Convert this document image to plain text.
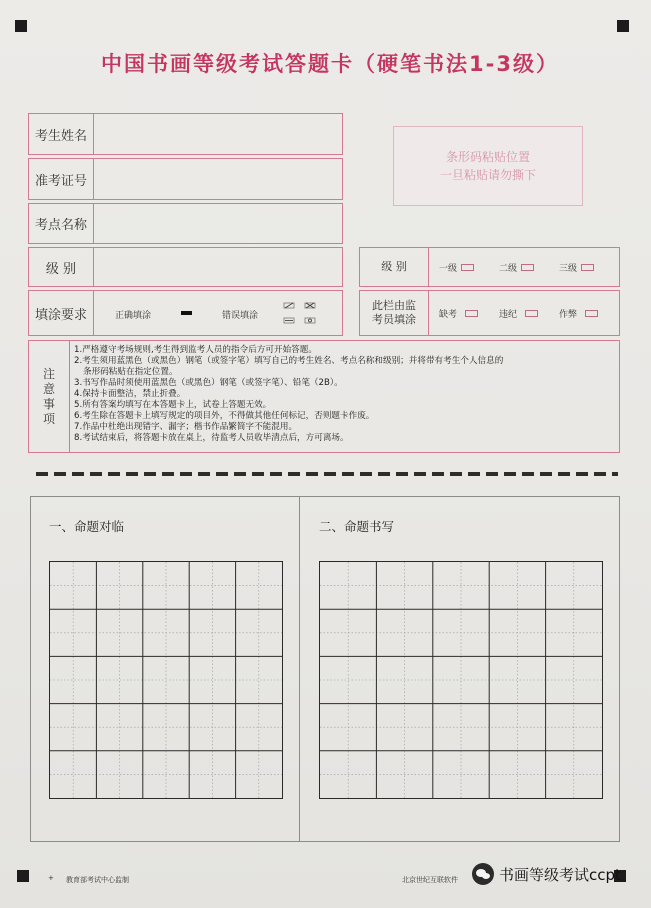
中国书画等级考试答题卡（硬笔书法1-3级）
考生姓名
准考证号
考点名称
级 别
填涂要求	正确填涂	错误填涂
条形码粘贴位置
一旦粘贴请勿撕下
级 别	一级	二级	三级
此栏由监
考员填涂	缺考	违纪	作弊
注
意
事
项
1.严格遵守考场规则,考生得到监考人员的指令后方可开始答题。
2.考生须用蓝黑色（或黑色）钢笔（或签字笔）填写自己的考生姓名、考点名称和级别；并将带有考生个人信息的
条形码粘贴在指定位置。
3.书写作品时须使用蓝黑色（或黑色）钢笔（或签字笔）、铅笔（2B）。
4.保持卡面整洁，禁止折叠。
5.所有答案均填写在本答题卡上，试卷上答题无效。
6.考生除在答题卡上填写规定的项目外，不得做其他任何标记，否则题卡作废。
7.作品中杜绝出现错字、漏字；楷书作品繁简字不能混用。
8.考试结束后，将答题卡放在桌上，待监考人员收毕清点后，方可离场。
一、命题对临	二、命题书写
+ 教育部考试中心监制	北京世纪互联软件	书画等级考试ccpt
